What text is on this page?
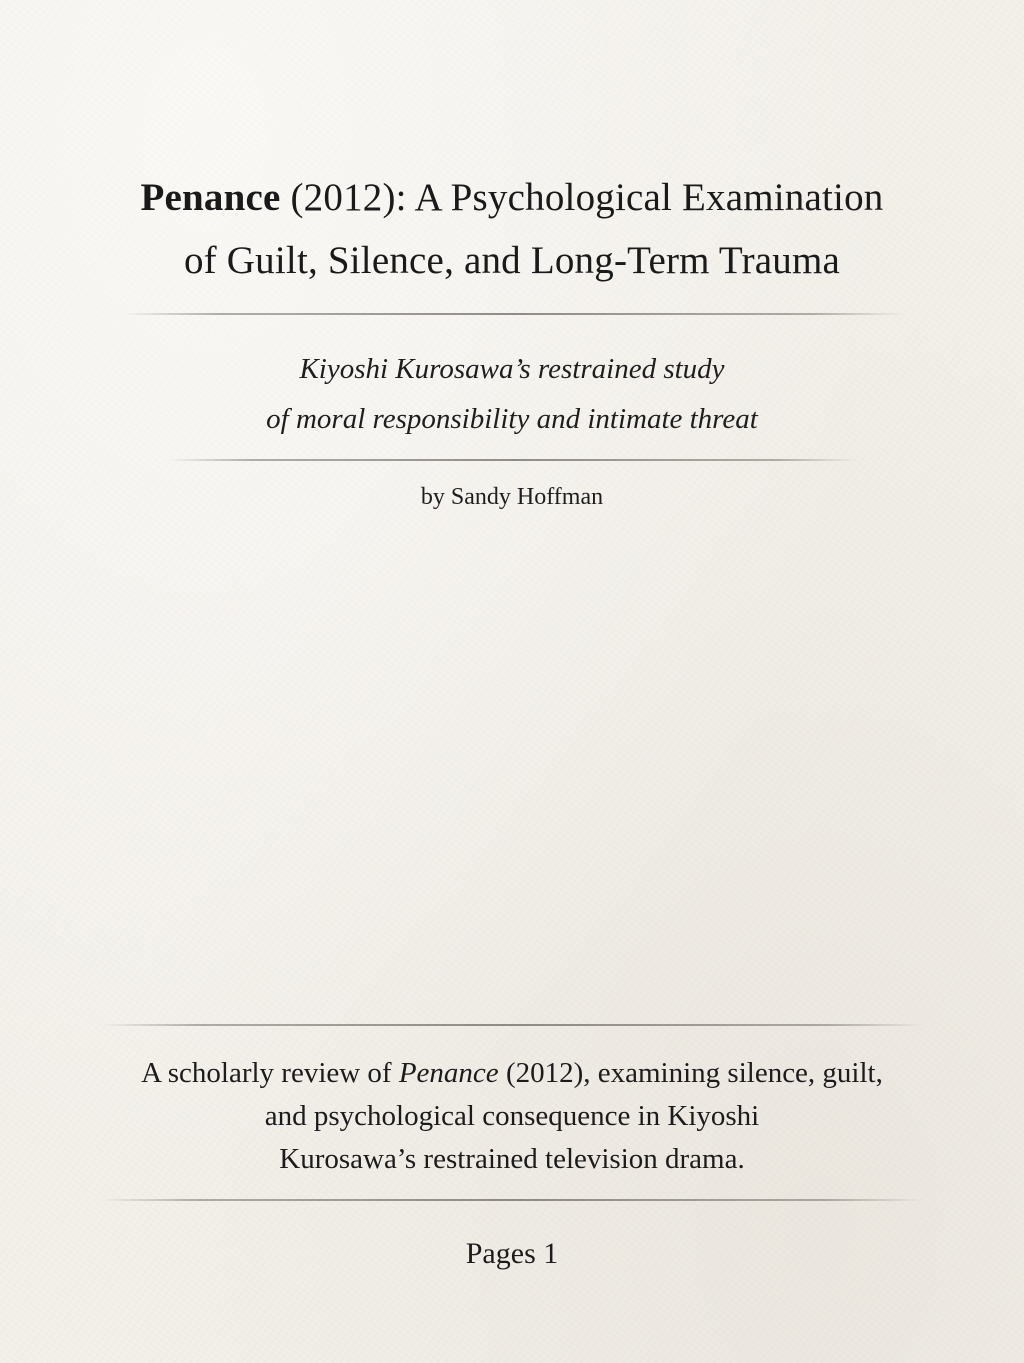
Penance (2012): A Psychological Examination
of Guilt, Silence, and Long-Term Trauma
Kiyoshi Kurosawa’s restrained study
of moral responsibility and intimate threat
by Sandy Hoffman
A scholarly review of Penance (2012), examining silence, guilt,
and psychological consequence in Kiyoshi
Kurosawa’s restrained television drama.
Pages 1
